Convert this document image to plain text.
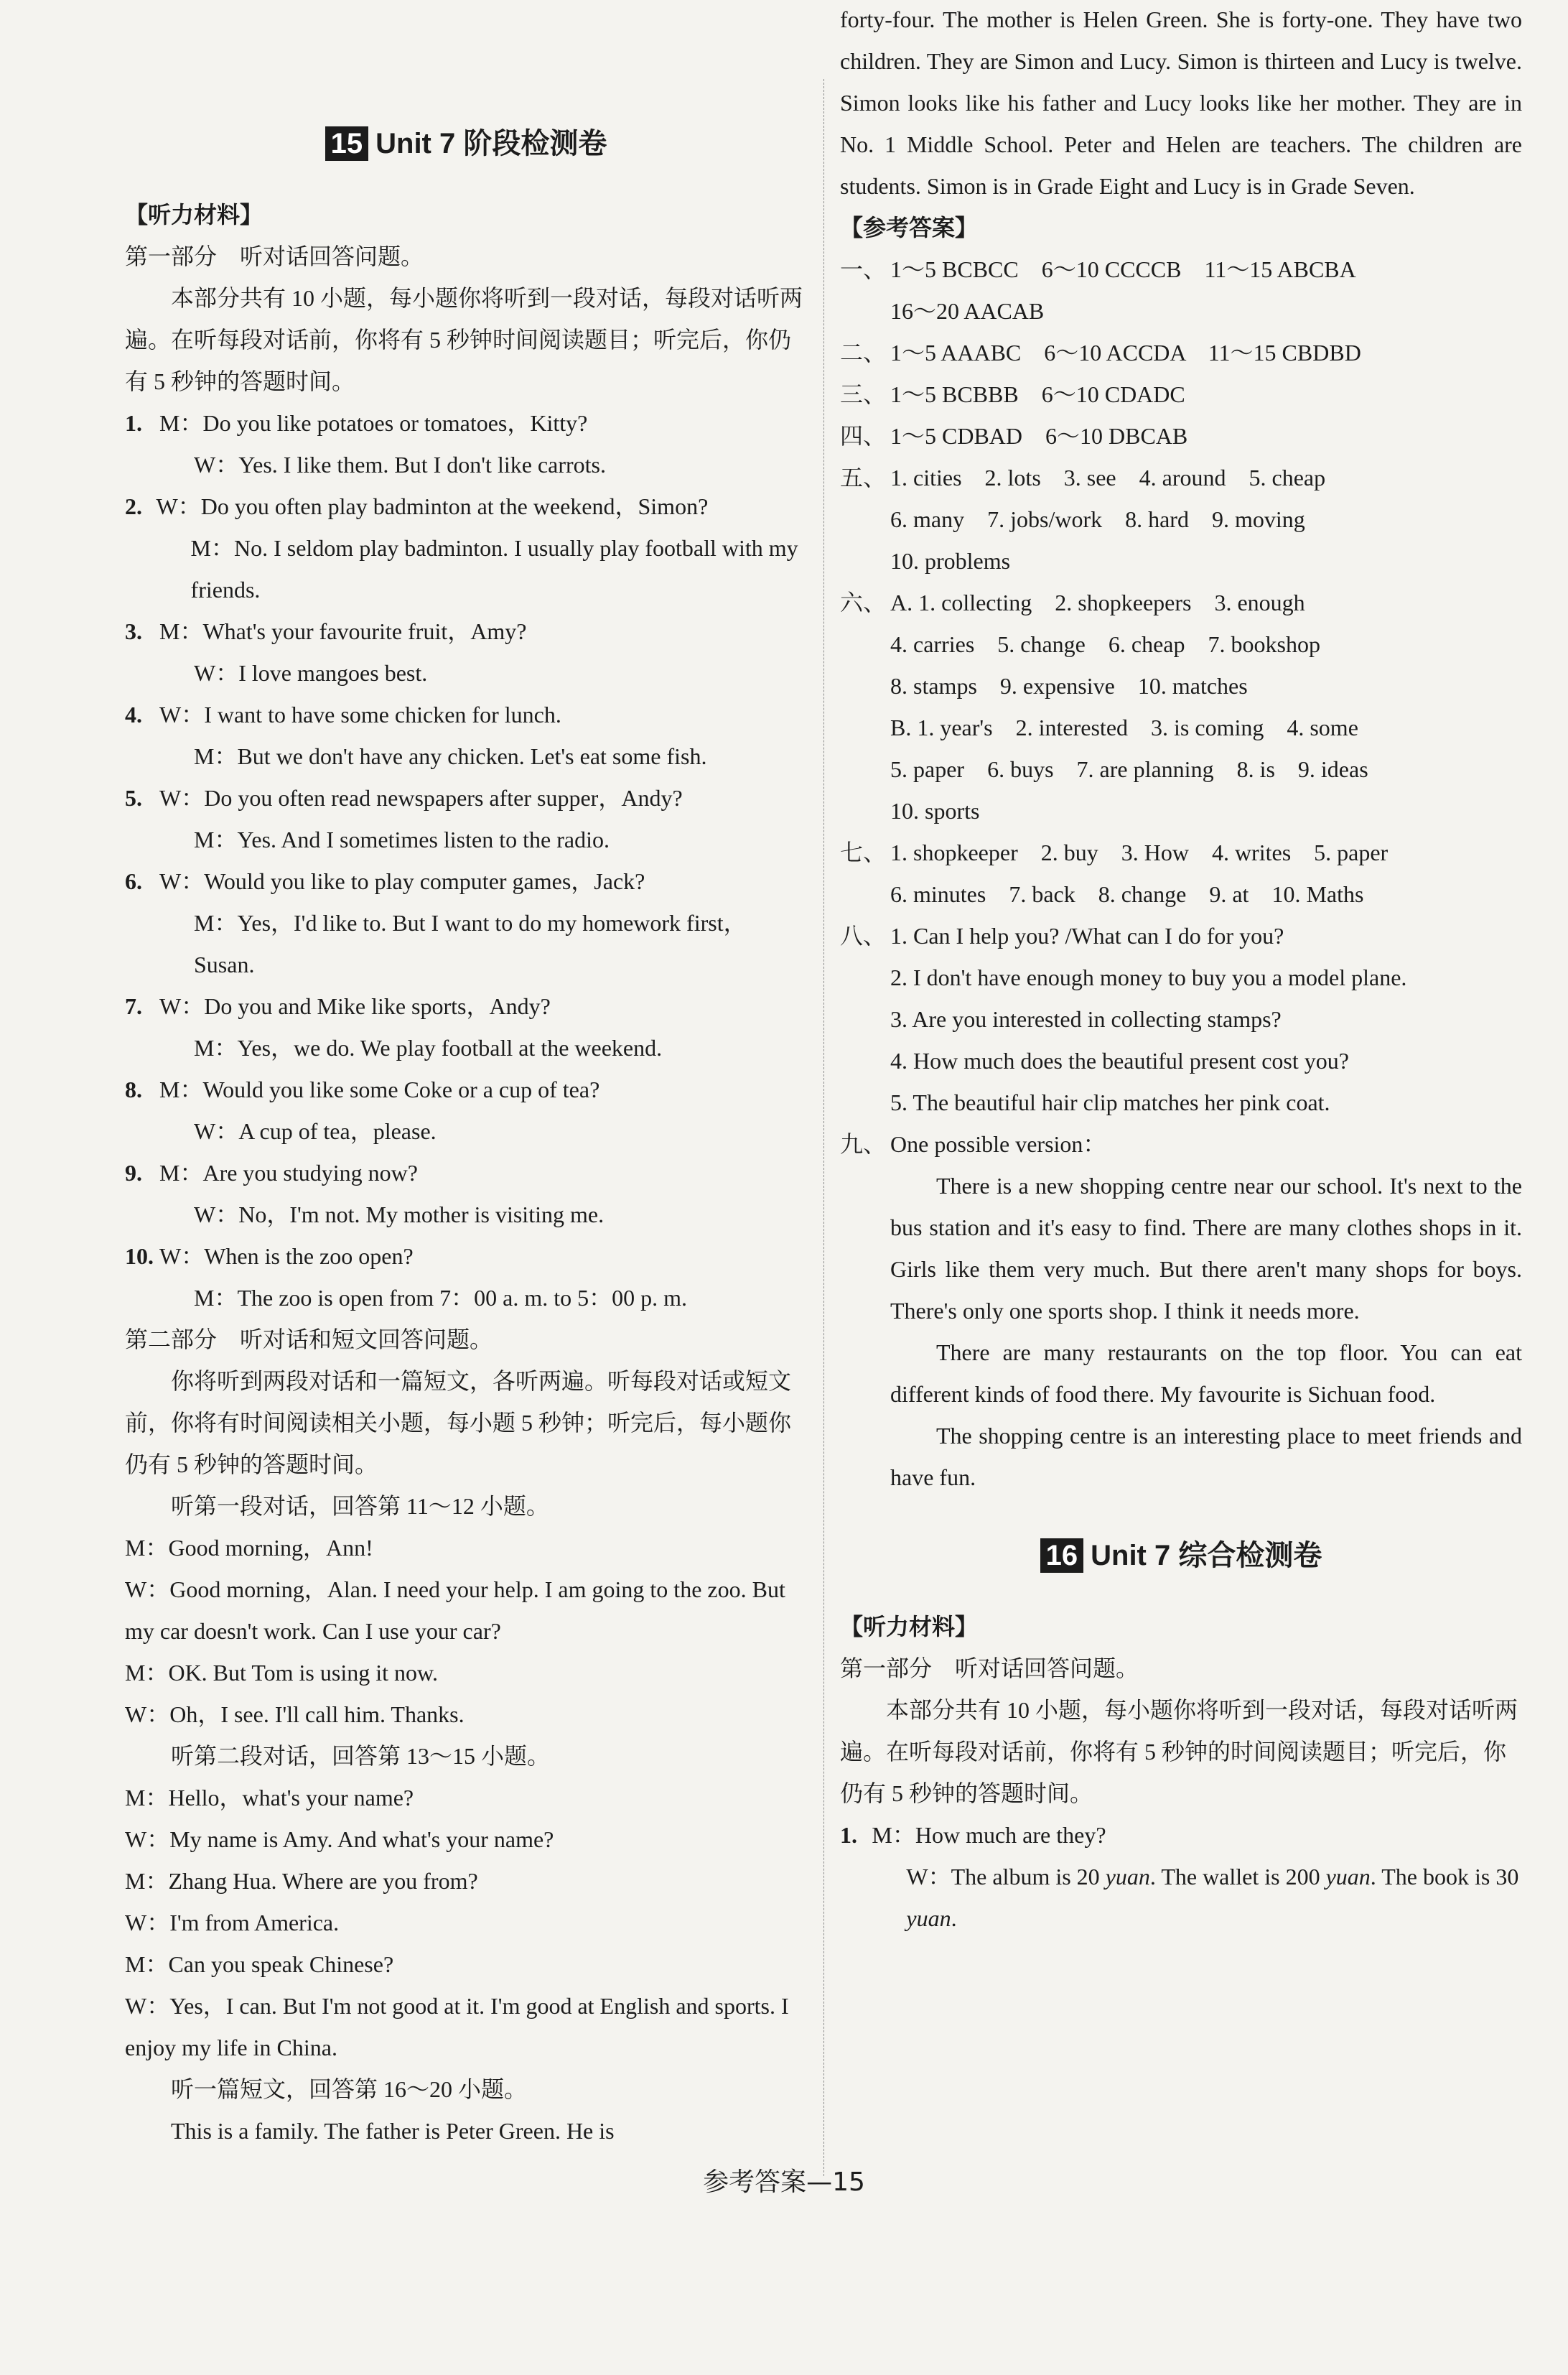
15 Unit 7 阶段检测卷
【听力材料】
第一部分　听对话回答问题。
本部分共有 10 小题，每小题你将听到一段对话，每段对话听两遍。在听每段对话前，你将有 5 秒钟时间阅读题目；听完后，你仍有 5 秒钟的答题时间。
1. M：Do you like potatoes or tomatoes，Kitty?
W：Yes. I like them. But I don't like carrots.
2. W：Do you often play badminton at the weekend，Simon?
M：No. I seldom play badminton. I usually play football with my friends.
3. M：What's your favourite fruit，Amy?
W：I love mangoes best.
4. W：I want to have some chicken for lunch.
M：But we don't have any chicken. Let's eat some fish.
5. W：Do you often read newspapers after supper，Andy?
M：Yes. And I sometimes listen to the radio.
6. W：Would you like to play computer games，Jack?
M：Yes，I'd like to. But I want to do my homework first，Susan.
7. W：Do you and Mike like sports，Andy?
M：Yes，we do. We play football at the weekend.
8. M：Would you like some Coke or a cup of tea?
W：A cup of tea，please.
9. M：Are you studying now?
W：No，I'm not. My mother is visiting me.
10. W：When is the zoo open?
M：The zoo is open from 7：00 a. m. to 5：00 p. m.
第二部分　听对话和短文回答问题。
你将听到两段对话和一篇短文，各听两遍。听每段对话或短文前，你将有时间阅读相关小题，每小题 5 秒钟；听完后，每小题你仍有 5 秒钟的答题时间。
听第一段对话，回答第 11～12 小题。
M：Good morning，Ann!
W：Good morning，Alan. I need your help. I am going to the zoo. But my car doesn't work. Can I use your car?
M：OK. But Tom is using it now.
W：Oh，I see. I'll call him. Thanks.
听第二段对话，回答第 13～15 小题。
M：Hello，what's your name?
W：My name is Amy. And what's your name?
M：Zhang Hua. Where are you from?
W：I'm from America.
M：Can you speak Chinese?
W：Yes，I can. But I'm not good at it. I'm good at English and sports. I enjoy my life in China.
听一篇短文，回答第 16～20 小题。
This is a family. The father is Peter Green. He is
forty-four. The mother is Helen Green. She is forty-one. They have two children. They are Simon and Lucy. Simon is thirteen and Lucy is twelve. Simon looks like his father and Lucy looks like her mother. They are in No. 1 Middle School. Peter and Helen are teachers. The children are students. Simon is in Grade Eight and Lucy is in Grade Seven.
【参考答案】
一、 1～5 BCBCC　6～10 CCCCB　11～15 ABCBA
16～20 AACAB
二、 1～5 AAABC　6～10 ACCDA　11～15 CBDBD
三、 1～5 BCBBB　6～10 CDADC
四、 1～5 CDBAD　6～10 DBCAB
五、 1. cities　2. lots　3. see　4. around　5. cheap
6. many　7. jobs/work　8. hard　9. moving
10. problems
六、 A. 1. collecting　2. shopkeepers　3. enough
4. carries　5. change　6. cheap　7. bookshop
8. stamps　9. expensive　10. matches
B. 1. year's　2. interested　3. is coming　4. some
5. paper　6. buys　7. are planning　8. is　9. ideas
10. sports
七、 1. shopkeeper　2. buy　3. How　4. writes　5. paper
6. minutes　7. back　8. change　9. at　10. Maths
八、 1. Can I help you? /What can I do for you?
2. I don't have enough money to buy you a model plane.
3. Are you interested in collecting stamps?
4. How much does the beautiful present cost you?
5. The beautiful hair clip matches her pink coat.
九、 One possible version：
There is a new shopping centre near our school. It's next to the bus station and it's easy to find. There are many clothes shops in it. Girls like them very much. But there aren't many shops for boys. There's only one sports shop. I think it needs more.
There are many restaurants on the top floor. You can eat different kinds of food there. My favourite is Sichuan food.
The shopping centre is an interesting place to meet friends and have fun.
16 Unit 7 综合检测卷
【听力材料】
第一部分　听对话回答问题。
本部分共有 10 小题，每小题你将听到一段对话，每段对话听两遍。在听每段对话前，你将有 5 秒钟的时间阅读题目；听完后，你仍有 5 秒钟的答题时间。
1. M：How much are they?
W：The album is 20 yuan. The wallet is 200 yuan. The book is 30 yuan.
参考答案—15
